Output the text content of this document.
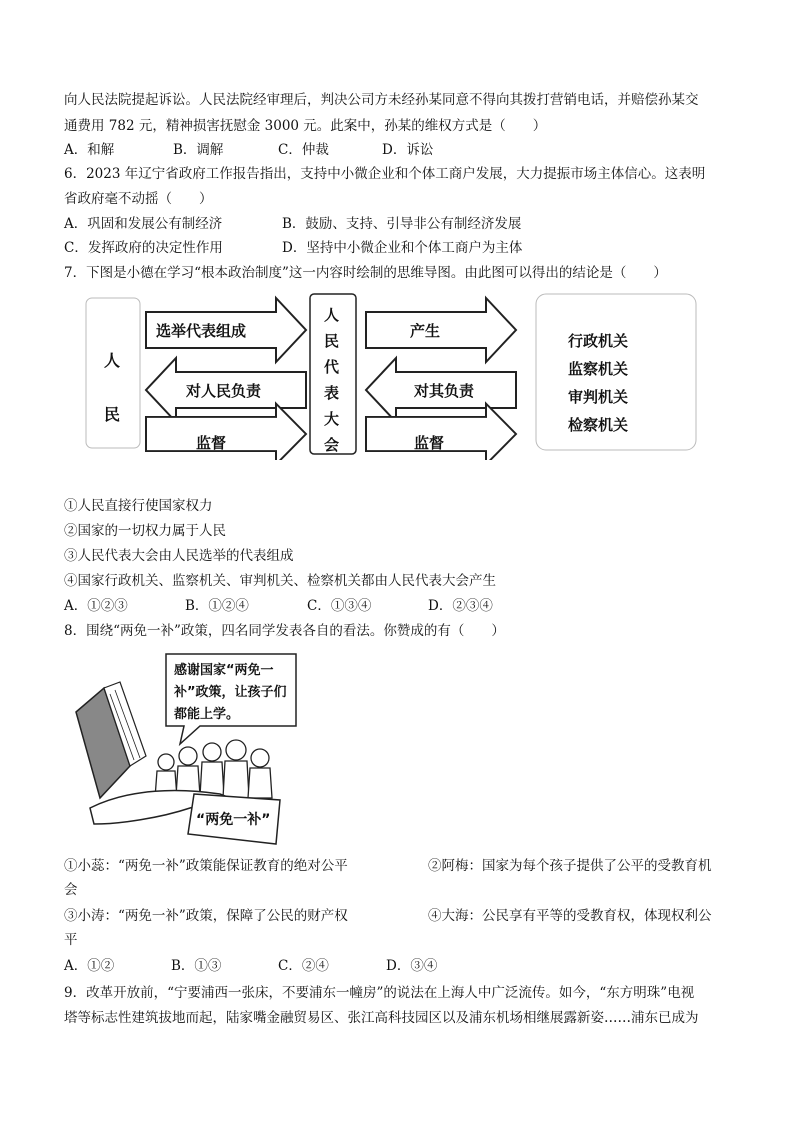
向人民法院提起诉讼。人民法院经审理后，判决公司方未经孙某同意不得向其拨打营销电话，并赔偿孙某交
通费用 782 元，精神损害抚慰金 3000 元。此案中，孙某的维权方式是（　　）
A．和解	B．调解	C．仲裁	D．诉讼
6．2023 年辽宁省政府工作报告指出，支持中小微企业和个体工商户发展，大力提振市场主体信心。这表明
省政府毫不动摇（　　）
A．巩固和发展公有制经济	B．鼓励、支持、引导非公有制经济发展
C．发挥政府的决定性作用	D．坚持中小微企业和个体工商户为主体
7．下图是小德在学习“根本政治制度”这一内容时绘制的思维导图。由此图可以得出的结论是（　　）
人
民
选举代表组成
对人民负责
监督
人
民
代
表
大
会
产生
对其负责
监督
行政机关
监察机关
审判机关
检察机关
①人民直接行使国家权力
②国家的一切权力属于人民
③人民代表大会由人民选举的代表组成
④国家行政机关、监察机关、审判机关、检察机关都由人民代表大会产生
A．①②③	B．①②④	C．①③④	D．②③④
8．围绕“两免一补”政策，四名同学发表各自的看法。你赞成的有（　　）
感谢国家“两免一
补”政策，让孩子们
都能上学。
“两免一补”
①小蕊：“两免一补”政策能保证教育的绝对公平	②阿梅：国家为每个孩子提供了公平的受教育机
会
③小涛：“两免一补”政策，保障了公民的财产权	④大海：公民享有平等的受教育权，体现权利公
平
A．①②	B．①③	C．②④	D．③④
9．改革开放前，“宁要浦西一张床，不要浦东一幢房”的说法在上海人中广泛流传。如今，“东方明珠”电视
塔等标志性建筑拔地而起，陆家嘴金融贸易区、张江高科技园区以及浦东机场相继展露新姿……浦东已成为
